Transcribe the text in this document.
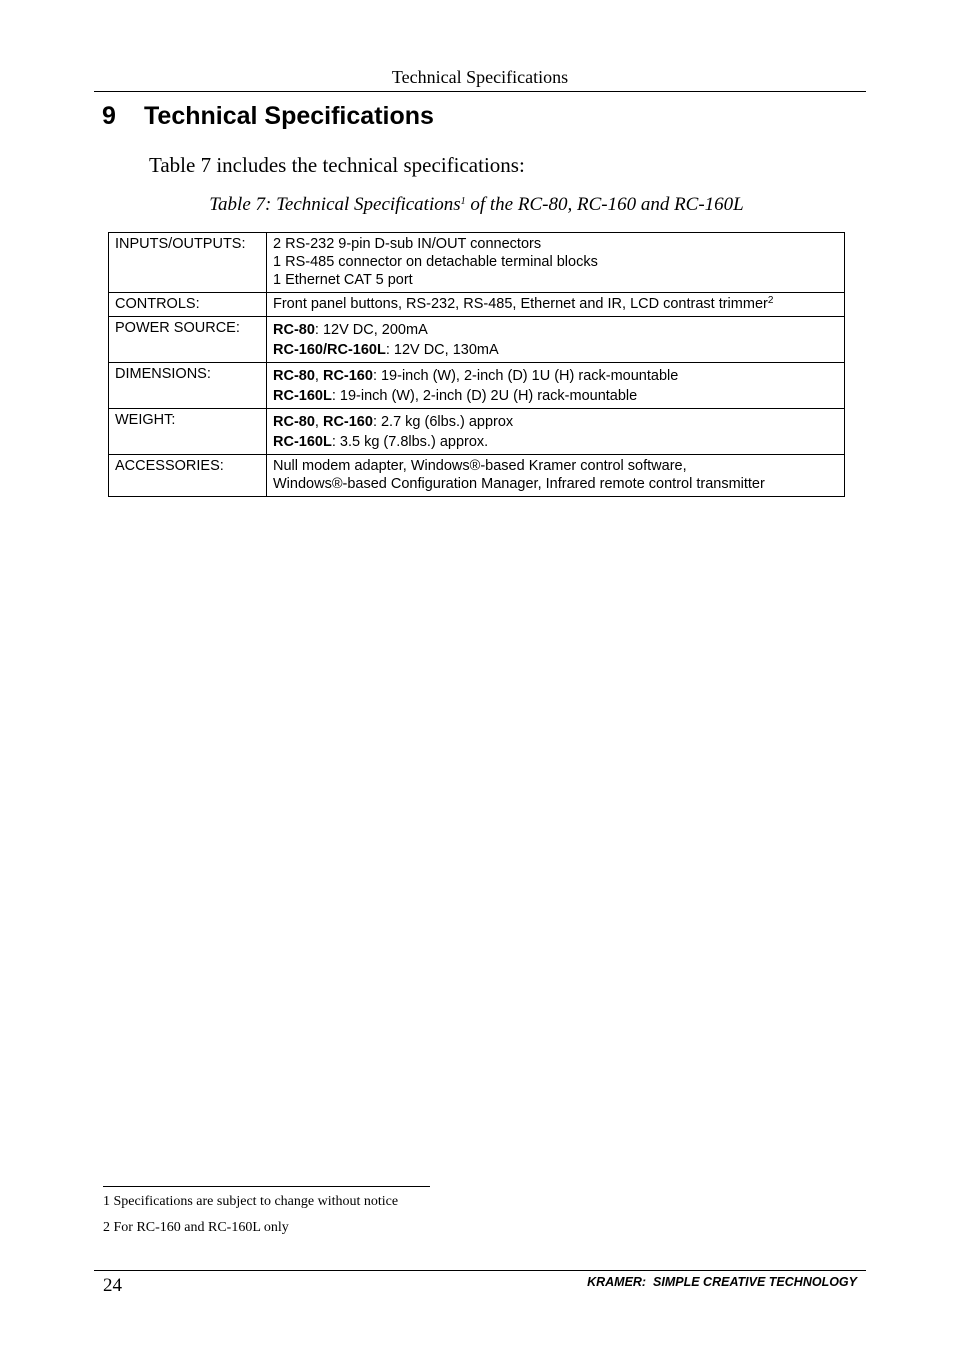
Technical Specifications
9 Technical Specifications
Table 7 includes the technical specifications:
Table 7: Technical Specifications$^1$ of the RC-80, RC-160 and RC-160L
INPUTS/OUTPUTS:	2 RS-232 9-pin D-sub IN/OUT connectors
1 RS-485 connector on detachable terminal blocks
1 Ethernet CAT 5 port

CONTROLS:	Front panel buttons, RS-232, RS-485, Ethernet and IR, LCD contrast trimmer$^2$
POWER SOURCE:	RC-80: 12V DC, 200mA
RC-160/RC-160L: 12V DC, 130mA

DIMENSIONS:	RC-80, RC-160: 19-inch (W), 2-inch (D) 1U (H) rack-mountable
RC-160L: 19-inch (W), 2-inch (D) 2U (H) rack-mountable

WEIGHT:	RC-80, RC-160: 2.7 kg (6lbs.) approx
RC-160L: 3.5 kg (7.8lbs.) approx.

ACCESSORIES:	Null modem adapter, Windows®-based Kramer control software,
Windows®-based Configuration Manager, Infrared remote control transmitter
1 Specifications are subject to change without notice
2 For RC-160 and RC-160L only
24	KRAMER:  SIMPLE CREATIVE TECHNOLOGY
